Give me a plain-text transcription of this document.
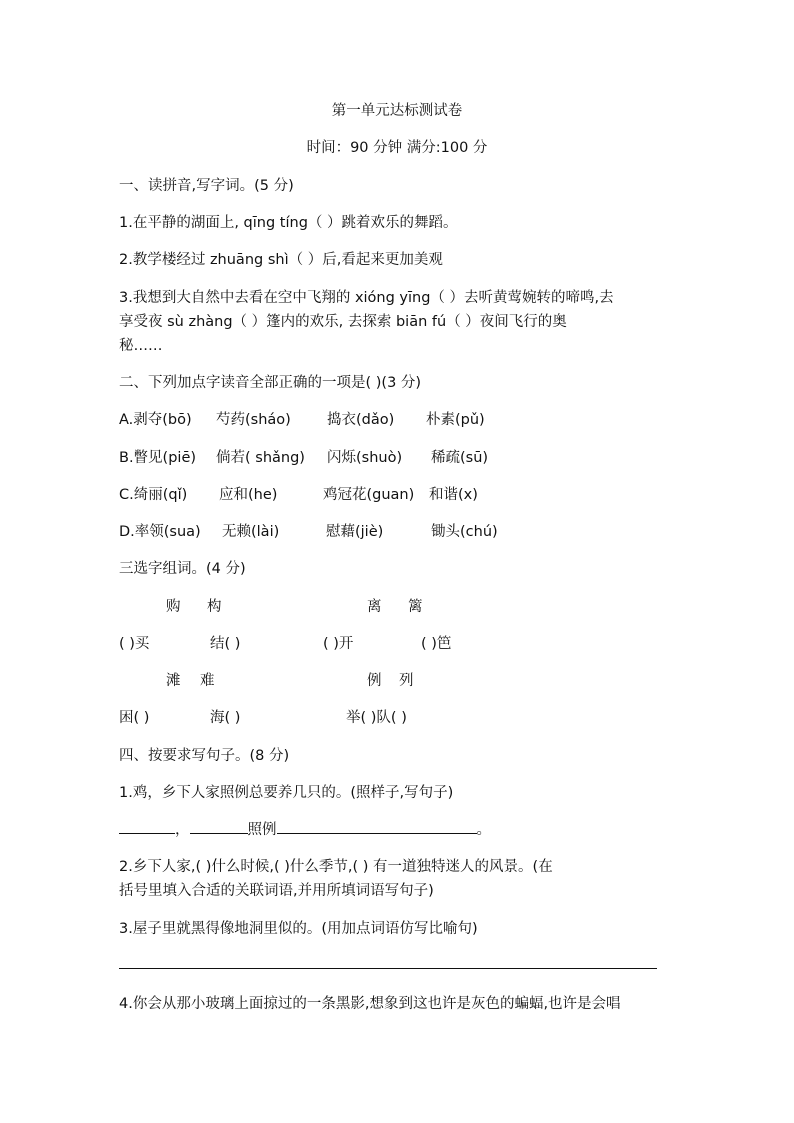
第一单元达标测试卷
时间：90 分钟 满分:100 分
一、读拼音,写字词。(5 分)
1.在平静的湖面上, qīng tíng（ ）跳着欢乐的舞蹈。
2.教学楼经过 zhuāng shì（ ）后,看起来更加美观
3.我想到大自然中去看在空中飞翔的 xióng yīng（ ）去听黄莺婉转的啼鸣,去
享受夜 sù zhàng（ ）篷内的欢乐, 去探索 biān fú（ ）夜间飞行的奥
秘……
二、下列加点字读音全部正确的一项是( )(3 分)
A.剥夺(bō) 芍药(sháo) 捣衣(dǎo) 朴素(pǔ)
B.瞥见(piē) 倘若( shǎng) 闪烁(shuò) 稀疏(sū)
C.绮丽(qǐ) 应和(he)	鸡冠花(guan) 和谐(x)
D.率领(sua) 无赖(lài)	慰藉(jiè)	锄头(chú)
三选字组词。(4 分)
购 构	离 篱
( )买	结( )	( )开	( )笆
滩 难	例 列
困( )	海( )	举( )队( )
四、按要求写句子。(8 分)
1.鸡，乡下人家照例总要养几只的。(照样子,写句子)
，	照例	。
2.乡下人家,( )什么时候,( )什么季节,( ) 有一道独特迷人的风景。(在
括号里填入合适的关联词语,并用所填词语写句子)
3.屋子里就黑得像地洞里似的。(用加点词语仿写比喻句)
4.你会从那小玻璃上面掠过的一条黑影,想象到这也许是灰色的蝙蝠,也许是会唱
